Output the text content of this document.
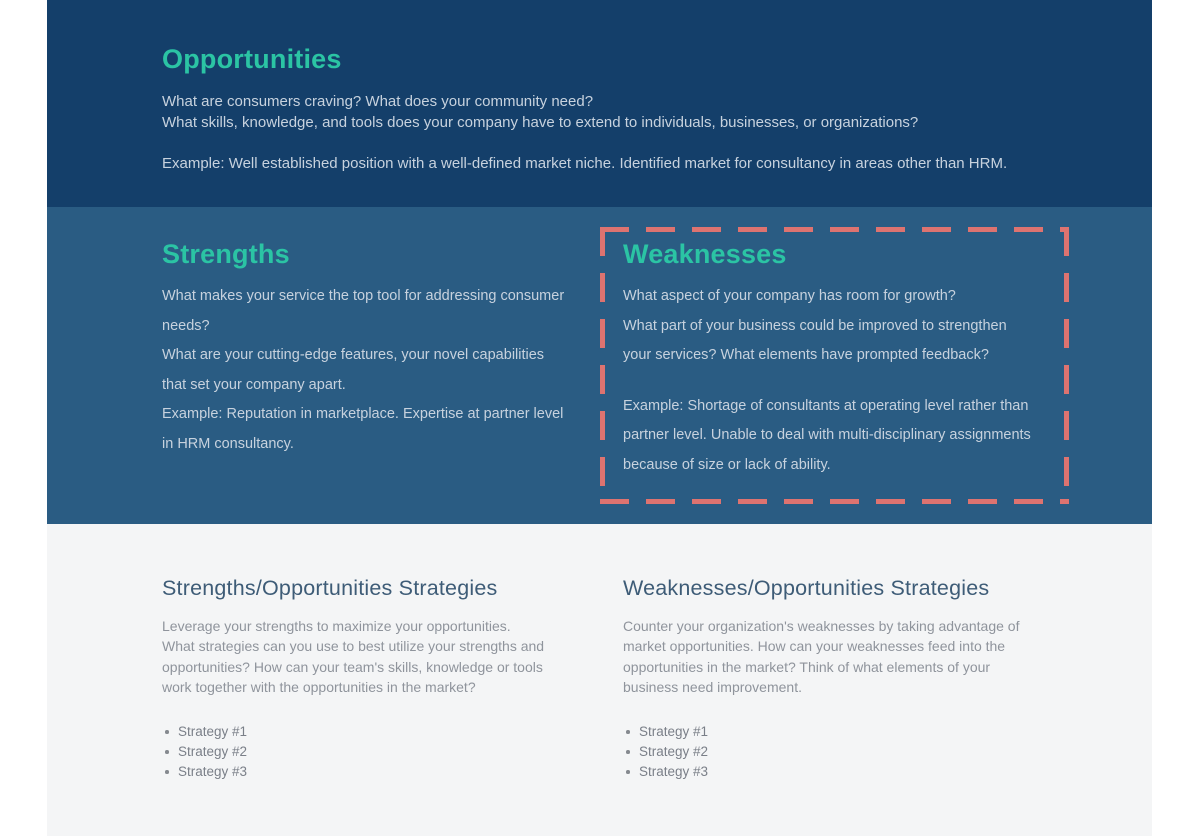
Opportunities

What are consumers craving? What does your community need?

What skills, knowledge, and tools does your company have to extend to individuals, businesses, or organizations?

Example: Well established position with a well-defined market niche. Identified market for consultancy in areas other than HRM.

Strengths

What makes your service the top tool for addressing consumer needs?

What are your cutting-edge features, your novel capabilities that set your company apart.

Example: Reputation in marketplace. Expertise at partner level in HRM consultancy.

Weaknesses

What aspect of your company has room for growth?

What part of your business could be improved to strengthen your services? What elements have prompted feedback?

Example: Shortage of consultants at operating level rather than partner level. Unable to deal with multi-disciplinary assignments because of size or lack of ability.

Strengths/Opportunities Strategies

Leverage your strengths to maximize your opportunities.

What strategies can you use to best utilize your strengths and opportunities? How can your team's skills, knowledge or tools work together with the opportunities in the market?

Strategy #1
Strategy #2
Strategy #3
Weaknesses/Opportunities Strategies

Counter your organization's weaknesses by taking advantage of market opportunities. How can your weaknesses feed into the opportunities in the market? Think of what elements of your business need improvement.

Strategy #1
Strategy #2
Strategy #3
